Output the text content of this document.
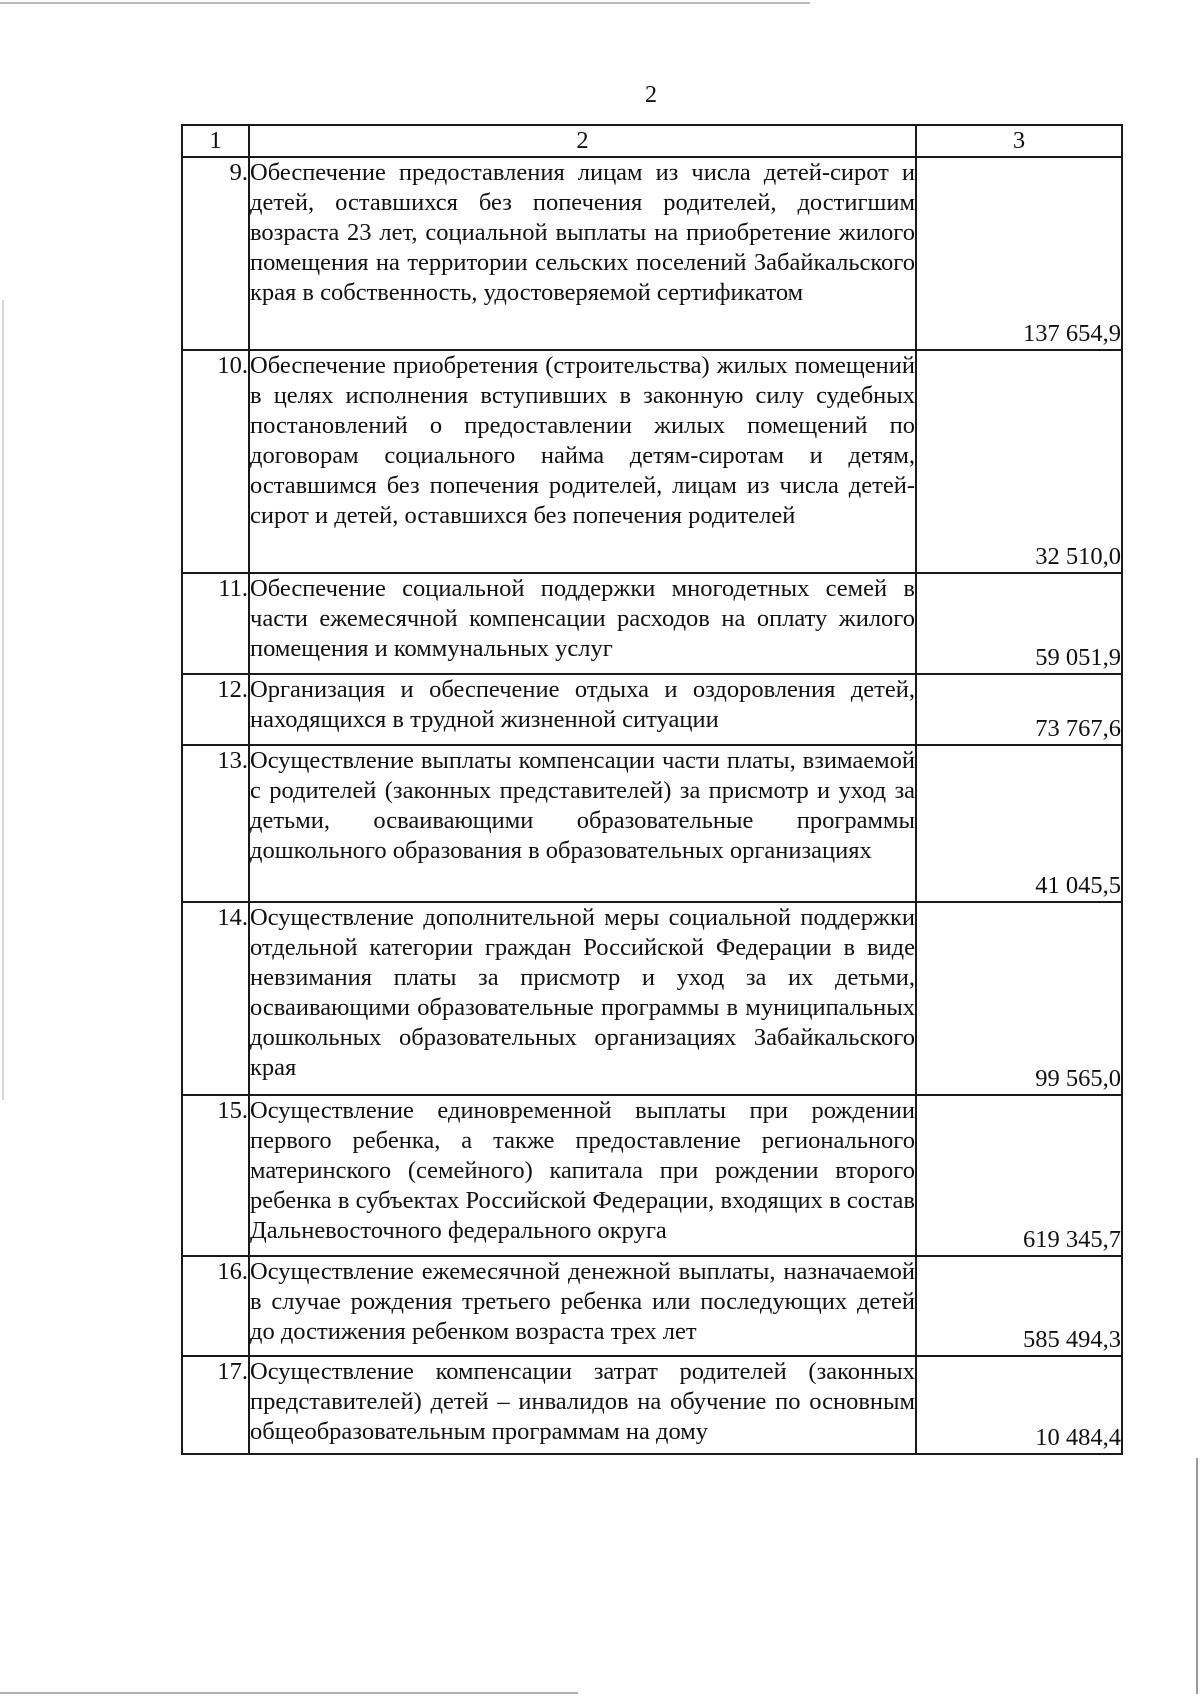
2
1	2	3
9.	Обеспечение предоставления лицам из числа детей-сирот и детей, оставшихся без попечения родителей, достигшим возраста 23 лет, социальной выплаты на приобретение жилого помещения на территории сельских поселений Забайкальского края в собственность, удостоверяемой сертификатом	137 654,9
10.	Обеспечение приобретения (строительства) жилых помещений в целях исполнения вступивших в законную силу судебных постановлений о предоставлении жилых помещений по договорам социального найма детям-сиротам и детям, оставшимся без попечения родителей, лицам из числа детей-сирот и детей, оставшихся без попечения родителей	32 510,0
11.	Обеспечение социальной поддержки многодетных семей в части ежемесячной компенсации расходов на оплату жилого помещения и коммунальных услуг	59 051,9
12.	Организация и обеспечение отдыха и оздоровления детей, находящихся в трудной жизненной ситуации	73 767,6
13.	Осуществление выплаты компенсации части платы, взимаемой с родителей (законных представителей) за присмотр и уход за детьми, осваивающими образовательные программы дошкольного образования в образовательных организациях	41 045,5
14.	Осуществление дополнительной меры социальной поддержки отдельной категории граждан Российской Федерации в виде невзимания платы за присмотр и уход за их детьми, осваивающими образовательные программы в муниципальных дошкольных образовательных организациях Забайкальского края	99 565,0
15.	Осуществление единовременной выплаты при рождении первого ребенка, а также предоставление регионального материнского (семейного) капитала при рождении второго ребенка в субъектах Российской Федерации, входящих в состав Дальневосточного федерального округа	619 345,7
16.	Осуществление ежемесячной денежной выплаты, назначаемой в случае рождения третьего ребенка или последующих детей до достижения ребенком возраста трех лет	585 494,3
17.	Осуществление компенсации затрат родителей (законных представителей) детей – инвалидов на обучение по основным общеобразовательным программам на дому	10 484,4
